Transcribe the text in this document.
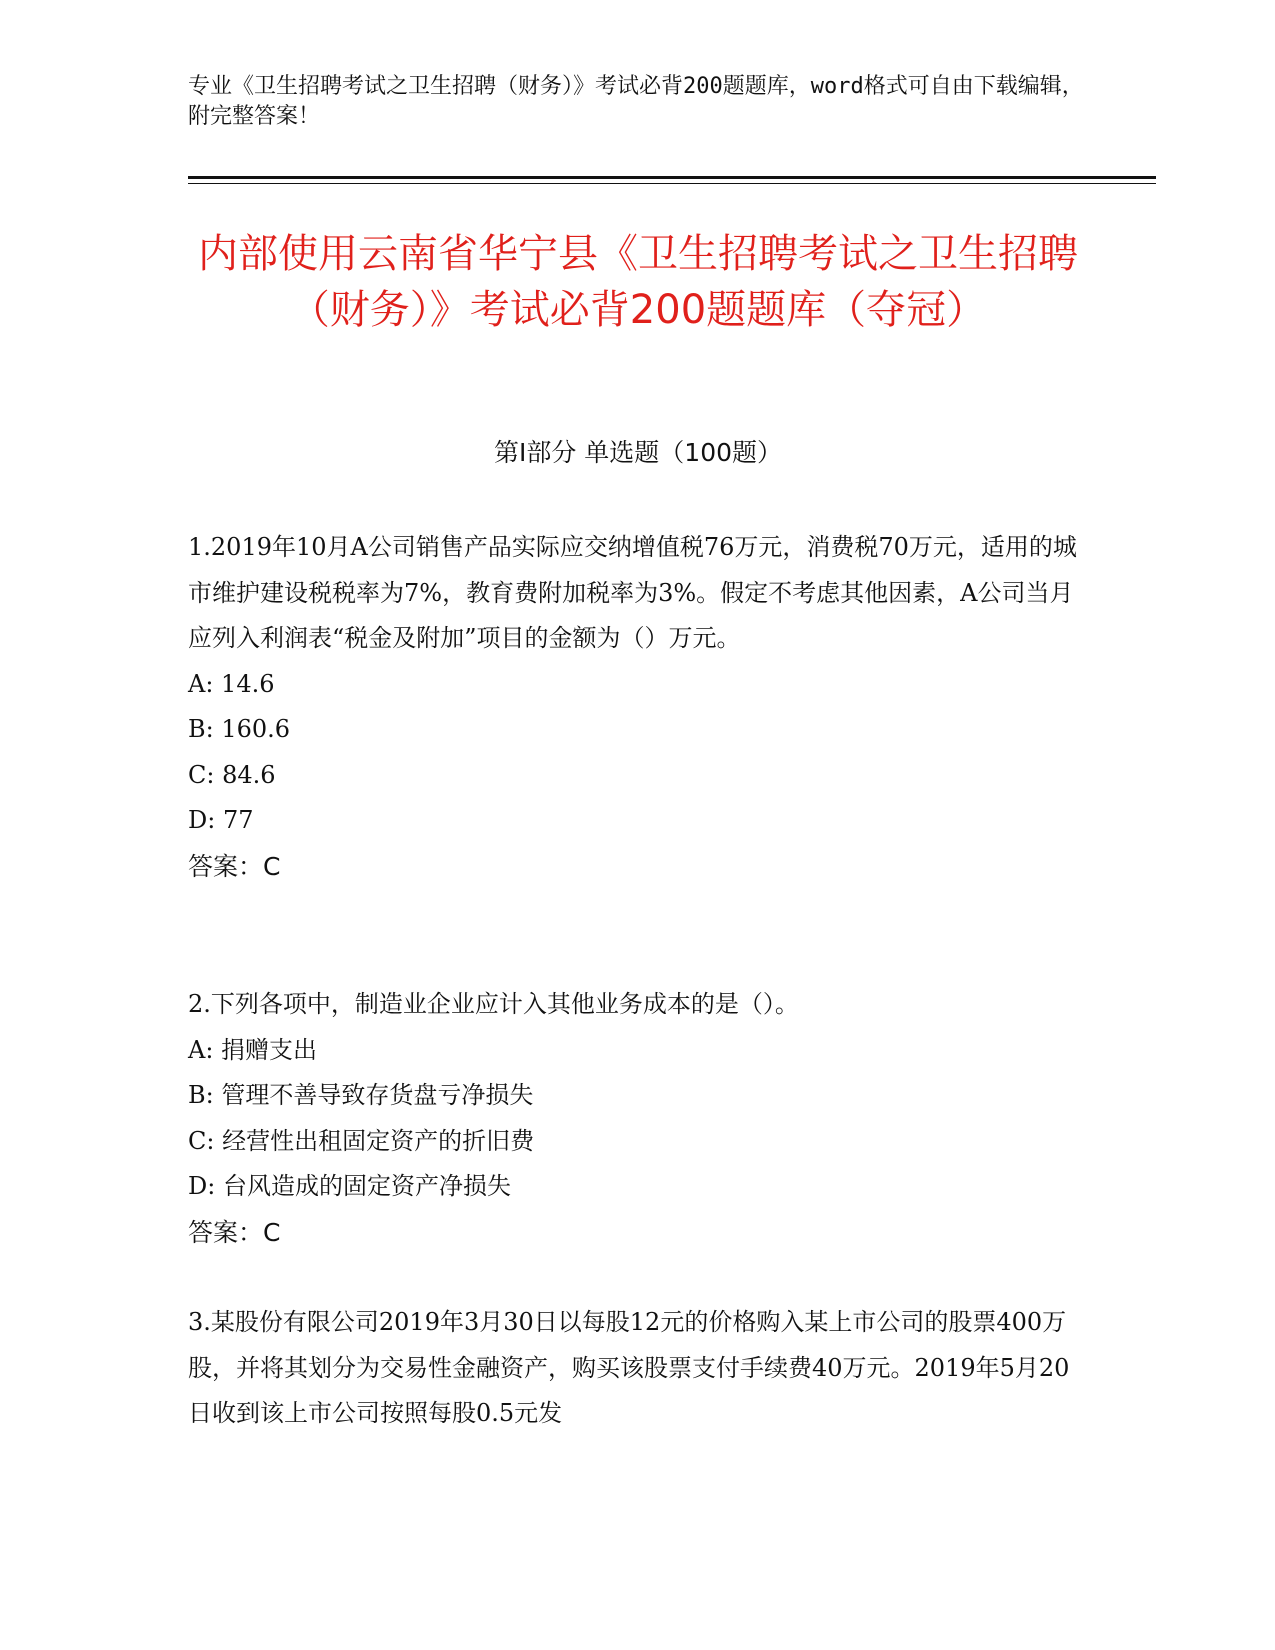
专业《卫生招聘考试之卫生招聘（财务）》考试必背200题题库，word格式可自由下载编辑，附完整答案！
内部使用云南省华宁县《卫生招聘考试之卫生招聘（财务）》考试必背200题题库（夺冠）
第I部分 单选题（100题）

1.2019年10月A公司销售产品实际应交纳增值税76万元，消费税70万元，适用的城市维护建设税税率为7%，教育费附加税率为3%。假定不考虑其他因素，A公司当月应列入利润表“税金及附加”项目的金额为（）万元。

A: 14.6

B: 160.6

C: 84.6

D: 77

答案：C

2.下列各项中，制造业企业应计入其他业务成本的是（）。

A: 捐赠支出

B: 管理不善导致存货盘亏净损失

C: 经营性出租固定资产的折旧费

D: 台风造成的固定资产净损失

答案：C

3.某股份有限公司2019年3月30日以每股12元的价格购入某上市公司的股票400万股，并将其划分为交易性金融资产，购买该股票支付手续费40万元。2019年5月20日收到该上市公司按照每股0.5元发
